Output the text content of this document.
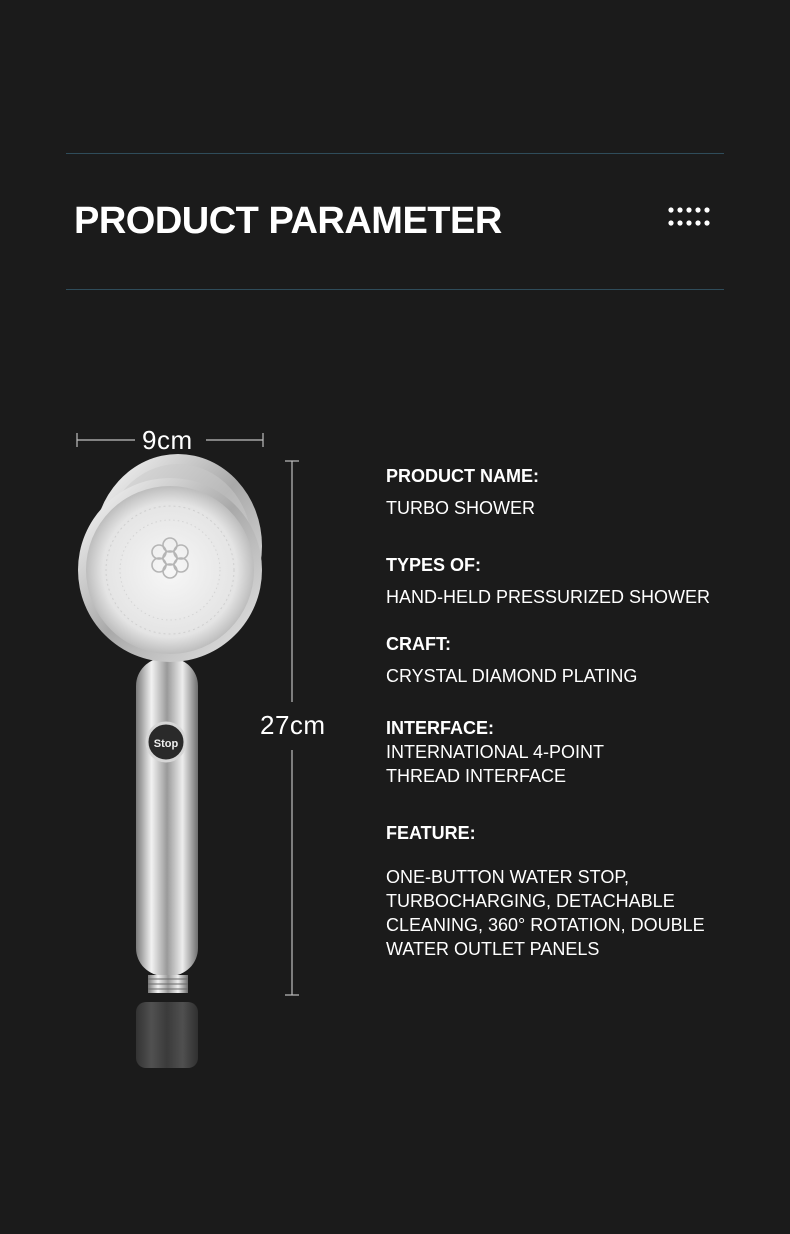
PRODUCT PARAMETER
9cm
27cm
Stop
PRODUCT NAME:
TURBO SHOWER
TYPES OF:
HAND-HELD PRESSURIZED SHOWER
CRAFT:
CRYSTAL DIAMOND PLATING
INTERFACE:
INTERNATIONAL 4-POINT
THREAD INTERFACE
FEATURE:
ONE-BUTTON WATER STOP,
TURBOCHARGING, DETACHABLE
CLEANING, 360° ROTATION, DOUBLE
WATER OUTLET PANELS
